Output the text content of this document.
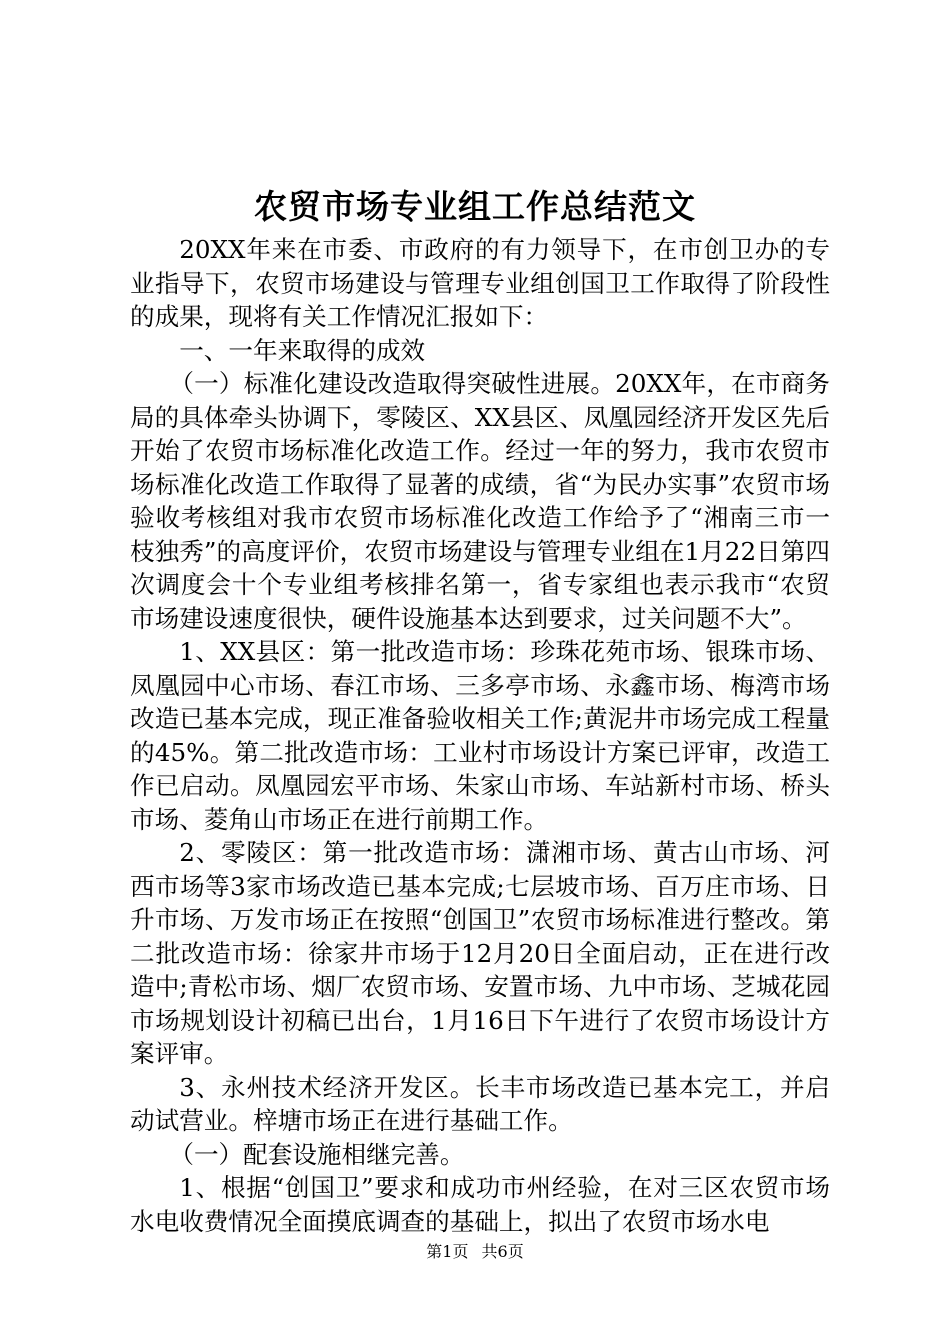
农贸市场专业组工作总结范文

20XX年来在市委、市政府的有力领导下，在市创卫办的专业指导下，农贸市场建设与管理专业组创国卫工作取得了阶段性的成果，现将有关工作情况汇报如下：

一、一年来取得的成效

（一）标准化建设改造取得突破性进展。20XX年，在市商务局的具体牵头协调下，零陵区、XX县区、凤凰园经济开发区先后开始了农贸市场标准化改造工作。经过一年的努力，我市农贸市场标准化改造工作取得了显著的成绩，省“为民办实事”农贸市场验收考核组对我市农贸市场标准化改造工作给予了“湘南三市一枝独秀”的高度评价，农贸市场建设与管理专业组在1月22日第四次调度会十个专业组考核排名第一，省专家组也表示我市“农贸市场建设速度很快，硬件设施基本达到要求，过关问题不大”。

1、XX县区：第一批改造市场：珍珠花苑市场、银珠市场、凤凰园中心市场、春江市场、三多亭市场、永鑫市场、梅湾市场改造已基本完成，现正准备验收相关工作;黄泥井市场完成工程量的45%。第二批改造市场：工业村市场设计方案已评审，改造工作已启动。凤凰园宏平市场、朱家山市场、车站新村市场、桥头市场、菱角山市场正在进行前期工作。

2、零陵区：第一批改造市场：潇湘市场、黄古山市场、河西市场等3家市场改造已基本完成;七层坡市场、百万庄市场、日升市场、万发市场正在按照“创国卫”农贸市场标准进行整改。第二批改造市场：徐家井市场于12月20日全面启动，正在进行改造中;青松市场、烟厂农贸市场、安置市场、九中市场、芝城花园市场规划设计初稿已出台，1月16日下午进行了农贸市场设计方案评审。

3、永州技术经济开发区。长丰市场改造已基本完工，并启动试营业。梓塘市场正在进行基础工作。

（一）配套设施相继完善。

1、根据“创国卫”要求和成功市州经验，在对三区农贸市场水电收费情况全面摸底调查的基础上，拟出了农贸市场水电

第1页 共6页
